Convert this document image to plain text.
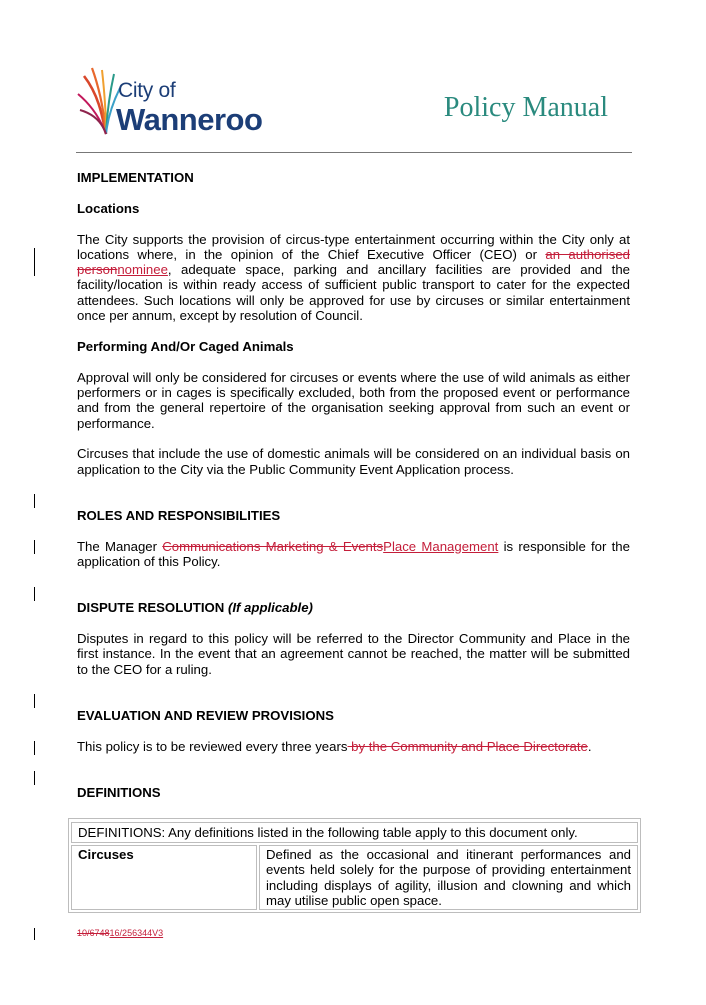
City of
Wanneroo	Policy Manual

IMPLEMENTATION

Locations

The City supports the provision of circus-type entertainment occurring within the City only at locations where, in the opinion of the Chief Executive Officer (CEO) or an authorised personnominee, adequate space, parking and ancillary facilities are provided and the facility/location is within ready access of sufficient public transport to cater for the expected attendees. Such locations will only be approved for use by circuses or similar entertainment once per annum, except by resolution of Council.

Performing And/Or Caged Animals

Approval will only be considered for circuses or events where the use of wild animals as either performers or in cages is specifically excluded, both from the proposed event or performance and from the general repertoire of the organisation seeking approval from such an event or performance.

Circuses that include the use of domestic animals will be considered on an individual basis on application to the City via the Public Community Event Application process.

ROLES AND RESPONSIBILITIES

The Manager Communications Marketing & EventsPlace Management is responsible for the application of this Policy.

DISPUTE RESOLUTION (If applicable)

Disputes in regard to this policy will be referred to the Director Community and Place in the first instance. In the event that an agreement cannot be reached, the matter will be submitted to the CEO for a ruling.

EVALUATION AND REVIEW PROVISIONS

This policy is to be reviewed every three years by the Community and Place Directorate.

DEFINITIONS

DEFINITIONS: Any definitions listed in the following table apply to this document only.
Circuses	Defined as the occasional and itinerant performances and events held solely for the purpose of providing entertainment including displays of agility, illusion and clowning and which may utilise public open space.
10/674816/256344V3
